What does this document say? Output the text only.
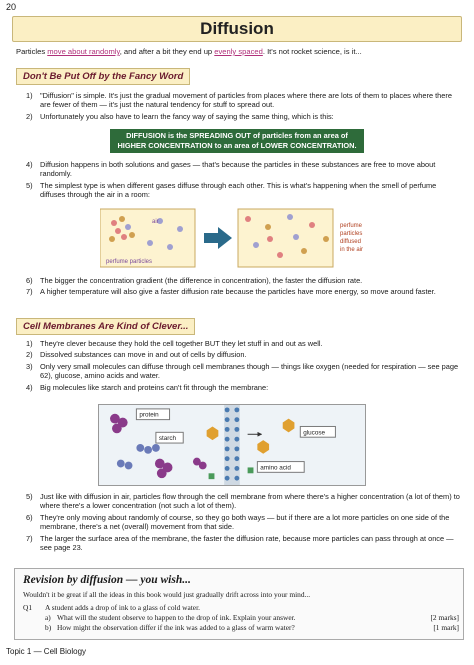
20
Diffusion
Particles move about randomly, and after a bit they end up evenly spaced. It's not rocket science, is it...
Don't Be Put Off by the Fancy Word
1)	"Diffusion" is simple. It's just the gradual movement of particles from places where there are lots of them to places where there are fewer of them — it's just the natural tendency for stuff to spread out.
2)	Unfortunately you also have to learn the fancy way of saying the same thing, which is this:
DIFFUSION is the SPREADING OUT of particles from an area of
HIGHER CONCENTRATION to an area of LOWER CONCENTRATION.
4)	Diffusion happens in both solutions and gases — that's because the particles in these substances are free to move about randomly.
5)	The simplest type is when different gases diffuse through each other. This is what's happening when the smell of perfume diffuses through the air in a room:
air
perfume particles
perfume particles diffused in the air
6)	The bigger the concentration gradient (the difference in concentration), the faster the diffusion rate.
7)	A higher temperature will also give a faster diffusion rate because the particles have more energy, so move around faster.
Cell Membranes Are Kind of Clever...
1)	They're clever because they hold the cell together BUT they let stuff in and out as well.
2)	Dissolved substances can move in and out of cells by diffusion.
3)	Only very small molecules can diffuse through cell membranes though — things like oxygen (needed for respiration — see page 62), glucose, amino acids and water.
4)	Big molecules like starch and proteins can't fit through the membrane:
protein
starch
glucose
amino acid
5)	Just like with diffusion in air, particles flow through the cell membrane from where there's a higher concentration (a lot of them) to where there's a lower concentration (not such a lot of them).
6)	They're only moving about randomly of course, so they go both ways — but if there are a lot more particles on one side of the membrane, there's a net (overall) movement from that side.
7)	The larger the surface area of the membrane, the faster the diffusion rate, because more particles can pass through at once — see page 23.
Revision by diffusion — you wish...
Wouldn't it be great if all the ideas in this book would just gradually drift across into your mind...
Q1	A student adds a drop of ink to a glass of cold water.
a) What will the student observe to happen to the drop of ink. Explain your answer.	[2 marks]
b) How might the observation differ if the ink was added to a glass of warm water?	[1 mark]
Topic 1 — Cell Biology
